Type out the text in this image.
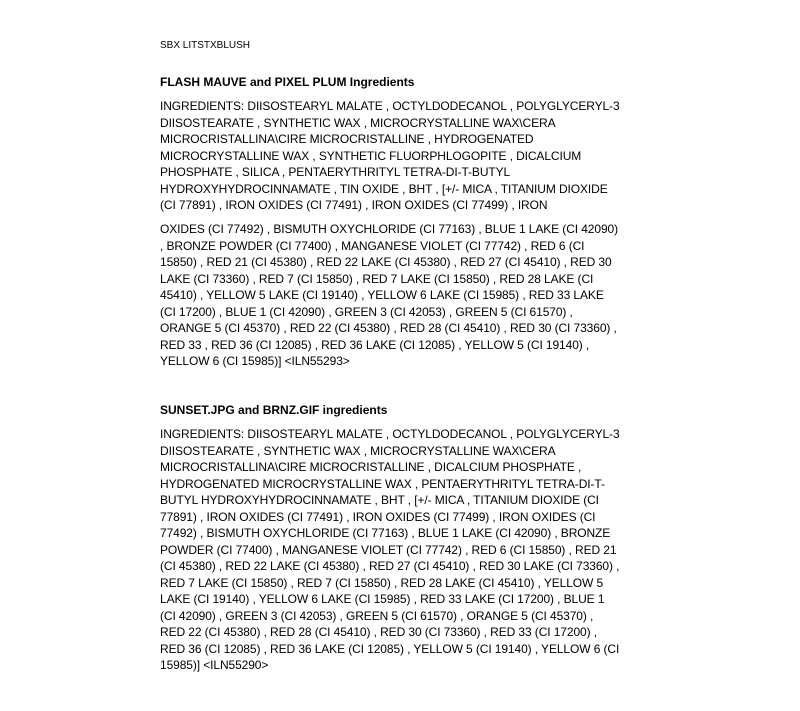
SBX LITSTXBLUSH
FLASH MAUVE and PIXEL PLUM Ingredients
INGREDIENTS: DIISOSTEARYL MALATE , OCTYLDODECANOL , POLYGLYCERYL-3
DIISOSTEARATE , SYNTHETIC WAX , MICROCRYSTALLINE WAX\CERA
MICROCRISTALLINA\CIRE MICROCRISTALLINE , HYDROGENATED
MICROCRYSTALLINE WAX , SYNTHETIC FLUORPHLOGOPITE , DICALCIUM
PHOSPHATE , SILICA , PENTAERYTHRITYL TETRA-DI-T-BUTYL
HYDROXYHYDROCINNAMATE , TIN OXIDE , BHT , [+/- MICA , TITANIUM DIOXIDE
(CI 77891) , IRON OXIDES (CI 77491) , IRON OXIDES (CI 77499) , IRON
OXIDES (CI 77492) , BISMUTH OXYCHLORIDE (CI 77163) , BLUE 1 LAKE (CI 42090)
, BRONZE POWDER (CI 77400) , MANGANESE VIOLET (CI 77742) , RED 6 (CI
15850) , RED 21 (CI 45380) , RED 22 LAKE (CI 45380) , RED 27 (CI 45410) , RED 30
LAKE (CI 73360) , RED 7 (CI 15850) , RED 7 LAKE (CI 15850) , RED 28 LAKE (CI
45410) , YELLOW 5 LAKE (CI 19140) , YELLOW 6 LAKE (CI 15985) , RED 33 LAKE
(CI 17200) , BLUE 1 (CI 42090) , GREEN 3 (CI 42053) , GREEN 5 (CI 61570) ,
ORANGE 5 (CI 45370) , RED 22 (CI 45380) , RED 28 (CI 45410) , RED 30 (CI 73360) ,
RED 33 , RED 36 (CI 12085) , RED 36 LAKE (CI 12085) , YELLOW 5 (CI 19140) ,
YELLOW 6 (CI 15985)] <ILN55293>
SUNSET.JPG and BRNZ.GIF ingredients
INGREDIENTS: DIISOSTEARYL MALATE , OCTYLDODECANOL , POLYGLYCERYL-3
DIISOSTEARATE , SYNTHETIC WAX , MICROCRYSTALLINE WAX\CERA
MICROCRISTALLINA\CIRE MICROCRISTALLINE , DICALCIUM PHOSPHATE ,
HYDROGENATED MICROCRYSTALLINE WAX , PENTAERYTHRITYL TETRA-DI-T-
BUTYL HYDROXYHYDROCINNAMATE , BHT , [+/- MICA , TITANIUM DIOXIDE (CI
77891) , IRON OXIDES (CI 77491) , IRON OXIDES (CI 77499) , IRON OXIDES (CI
77492) , BISMUTH OXYCHLORIDE (CI 77163) , BLUE 1 LAKE (CI 42090) , BRONZE
POWDER (CI 77400) , MANGANESE VIOLET (CI 77742) , RED 6 (CI 15850) , RED 21
(CI 45380) , RED 22 LAKE (CI 45380) , RED 27 (CI 45410) , RED 30 LAKE (CI 73360) ,
RED 7 LAKE (CI 15850) , RED 7 (CI 15850) , RED 28 LAKE (CI 45410) , YELLOW 5
LAKE (CI 19140) , YELLOW 6 LAKE (CI 15985) , RED 33 LAKE (CI 17200) , BLUE 1
(CI 42090) , GREEN 3 (CI 42053) , GREEN 5 (CI 61570) , ORANGE 5 (CI 45370) ,
RED 22 (CI 45380) , RED 28 (CI 45410) , RED 30 (CI 73360) , RED 33 (CI 17200) ,
RED 36 (CI 12085) , RED 36 LAKE (CI 12085) , YELLOW 5 (CI 19140) , YELLOW 6 (CI
15985)] <ILN55290>
